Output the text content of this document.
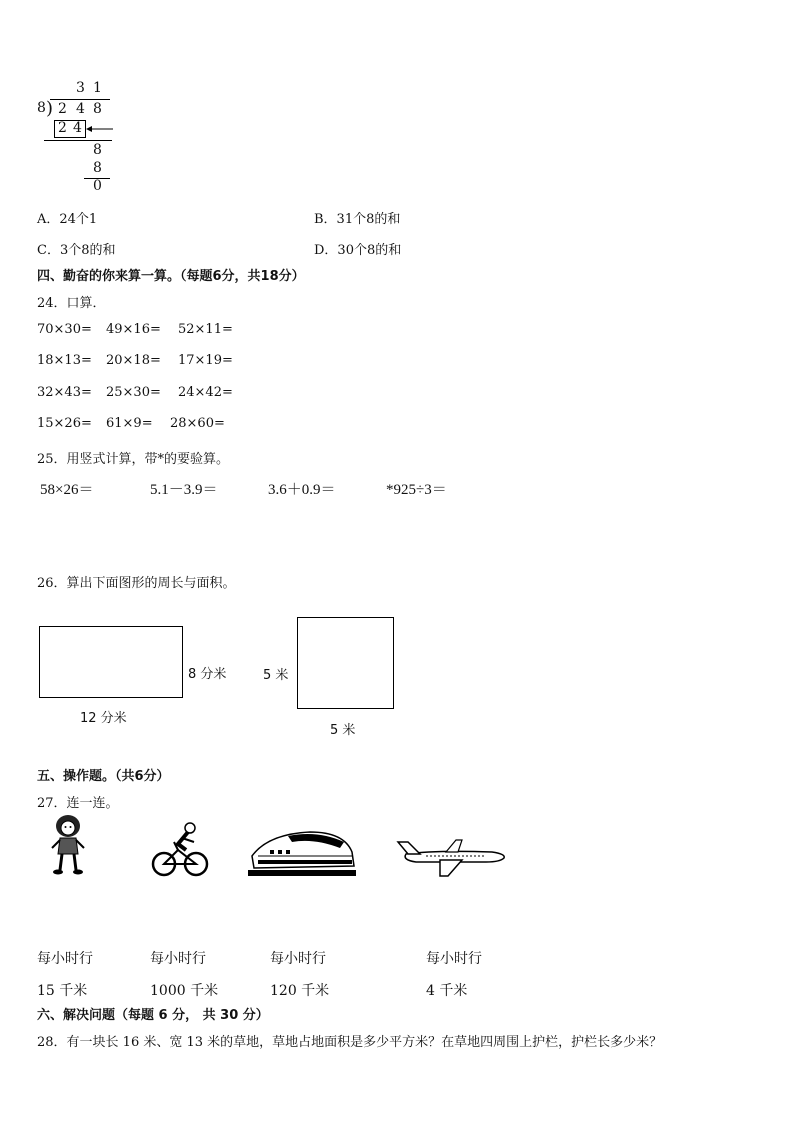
3 1
8 ) 2 4 8
2 4
8
8
0
A．24个1	B．31个8的和
C．3个8的和	D．30个8的和
四、勤奋的你来算一算。（每题6分，共18分）
24．口算．
70×30= 49×16= 52×11=
18×13= 20×18= 17×19=
32×43= 25×30= 24×42=
15×26= 61×9= 28×60=
25．用竖式计算，带*的要验算。
58×26＝	5.1－3.9＝	3.6＋0.9＝	*925÷3＝
26．算出下面图形的周长与面积。
8 分米
12 分米
5 米
5 米
五、操作题。（共6分）
27．连一连。
每小时行	每小时行	每小时行	每小时行
15 千米	1000 千米	120 千米	4 千米
六、解决问题（每题 6 分， 共 30 分）
28．有一块长 16 米、宽 13 米的草地，草地占地面积是多少平方米？在草地四周围上护栏，护栏长多少米？
